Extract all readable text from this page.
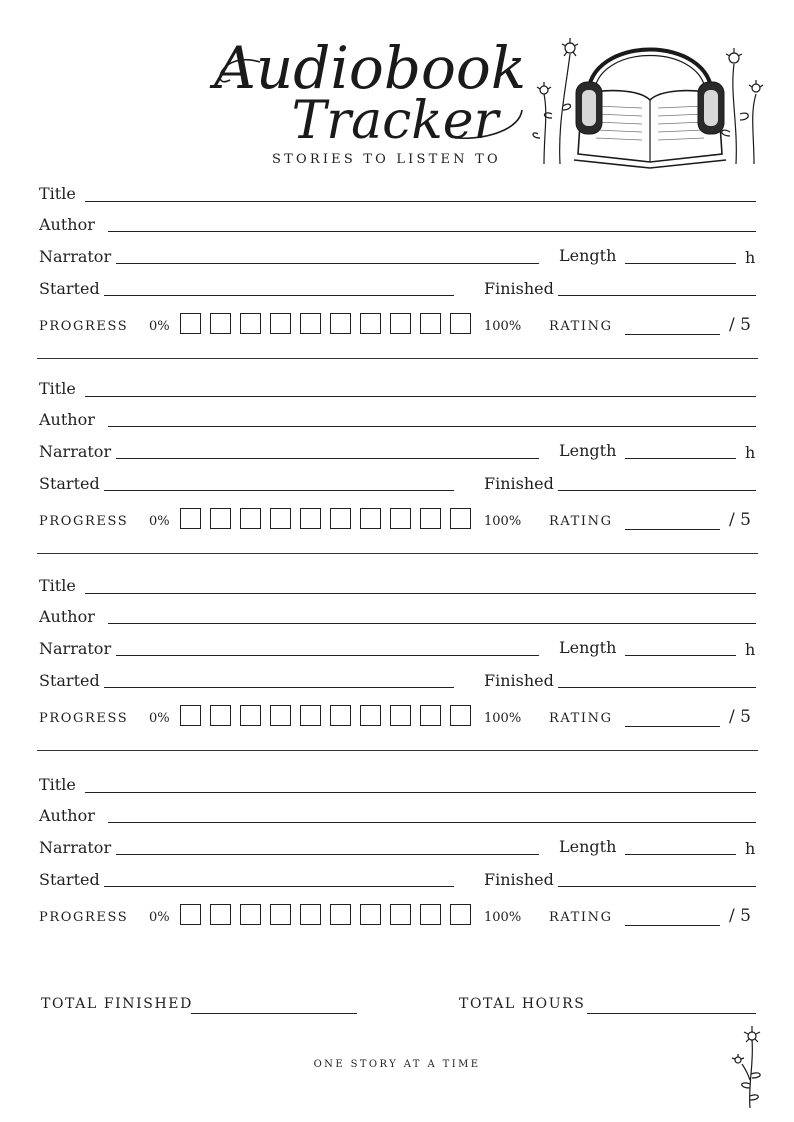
Audiobook
Tracker
STORIES TO LISTEN TO
Title
Author
Narrator	Length	h
Started	Finished
PROGRESS 0%	100% RATING	/ 5
Title
Author
Narrator	Length	h
Started	Finished
PROGRESS 0%	100% RATING	/ 5
Title
Author
Narrator	Length	h
Started	Finished
PROGRESS 0%	100% RATING	/ 5
Title
Author
Narrator	Length	h
Started	Finished
PROGRESS 0%	100% RATING	/ 5
TOTAL FINISHED	TOTAL HOURS
ONE STORY AT A TIME
